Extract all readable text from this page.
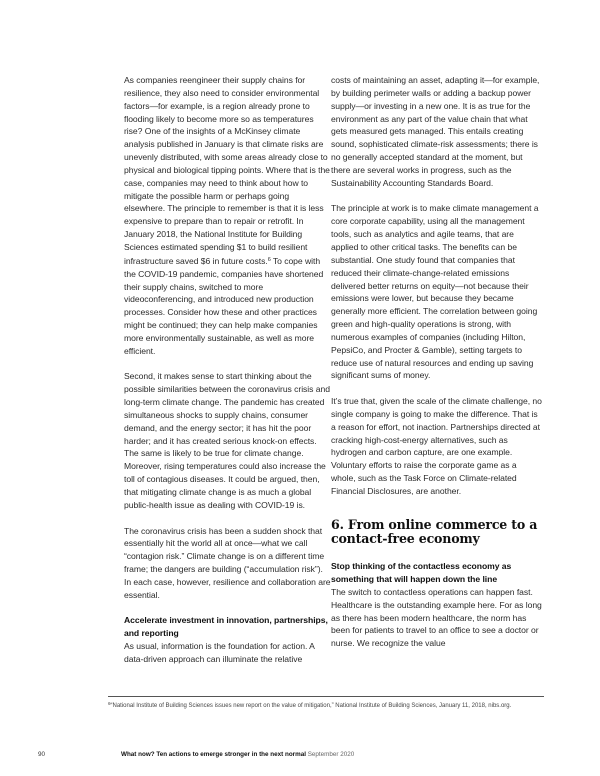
As companies reengineer their supply chains for resilience, they also need to consider environmental factors—for example, is a region already prone to flooding likely to become more so as temperatures rise? One of the insights of a McKinsey climate analysis published in January is that climate risks are unevenly distributed, with some areas already close to physical and biological tipping points. Where that is the case, companies may need to think about how to mitigate the possible harm or perhaps going elsewhere. The principle to remember is that it is less expensive to prepare than to repair or retrofit. In January 2018, the National Institute for Building Sciences estimated spending $1 to build resilient infrastructure saved $6 in future costs.$^6$ To cope with the COVID-19 pandemic, companies have shortened their supply chains, switched to more videoconferencing, and introduced new production processes. Consider how these and other practices might be continued; they can help make companies more environmentally sustainable, as well as more efficient.

Second, it makes sense to start thinking about the possible similarities between the coronavirus crisis and long-term climate change. The pandemic has created simultaneous shocks to supply chains, consumer demand, and the energy sector; it has hit the poor harder; and it has created serious knock-on effects. The same is likely to be true for climate change. Moreover, rising temperatures could also increase the toll of contagious diseases. It could be argued, then, that mitigating climate change is as much a global public-health issue as dealing with COVID-19 is.

The coronavirus crisis has been a sudden shock that essentially hit the world all at once—what we call “contagion risk.” Climate change is on a different time frame; the dangers are building (“accumulation risk”). In each case, however, resilience and collaboration are essential.

Accelerate investment in innovation, partnerships, and reporting

As usual, information is the foundation for action. A data-driven approach can illuminate the relative

costs of maintaining an asset, adapting it—for example, by building perimeter walls or adding a backup power supply—or investing in a new one. It is as true for the environment as any part of the value chain that what gets measured gets managed. This entails creating sound, sophisticated climate-risk assessments; there is no generally accepted standard at the moment, but there are several works in progress, such as the Sustainability Accounting Standards Board.

The principle at work is to make climate management a core corporate capability, using all the management tools, such as analytics and agile teams, that are applied to other critical tasks. The benefits can be substantial. One study found that companies that reduced their climate-change-related emissions delivered better returns on equity—not because their emissions were lower, but because they became generally more efficient. The correlation between going green and high-quality operations is strong, with numerous examples of companies (including Hilton, PepsiCo, and Procter & Gamble), setting targets to reduce use of natural resources and ending up saving significant sums of money.

It’s true that, given the scale of the climate challenge, no single company is going to make the difference. That is a reason for effort, not inaction. Partnerships directed at cracking high-cost-energy alternatives, such as hydrogen and carbon capture, are one example. Voluntary efforts to raise the corporate game as a whole, such as the Task Force on Climate-related Financial Disclosures, are another.

6. From online commerce to a contact-free economy

Stop thinking of the contactless economy as something that will happen down the line

The switch to contactless operations can happen fast. Healthcare is the outstanding example here. For as long as there has been modern healthcare, the norm has been for patients to travel to an office to see a doctor or nurse. We recognize the value

$^6$“National Institute of Building Sciences issues new report on the value of mitigation,” National Institute of Building Sciences, January 11, 2018, nibs.org.
90	What now? Ten actions to emerge stronger in the next normal September 2020
